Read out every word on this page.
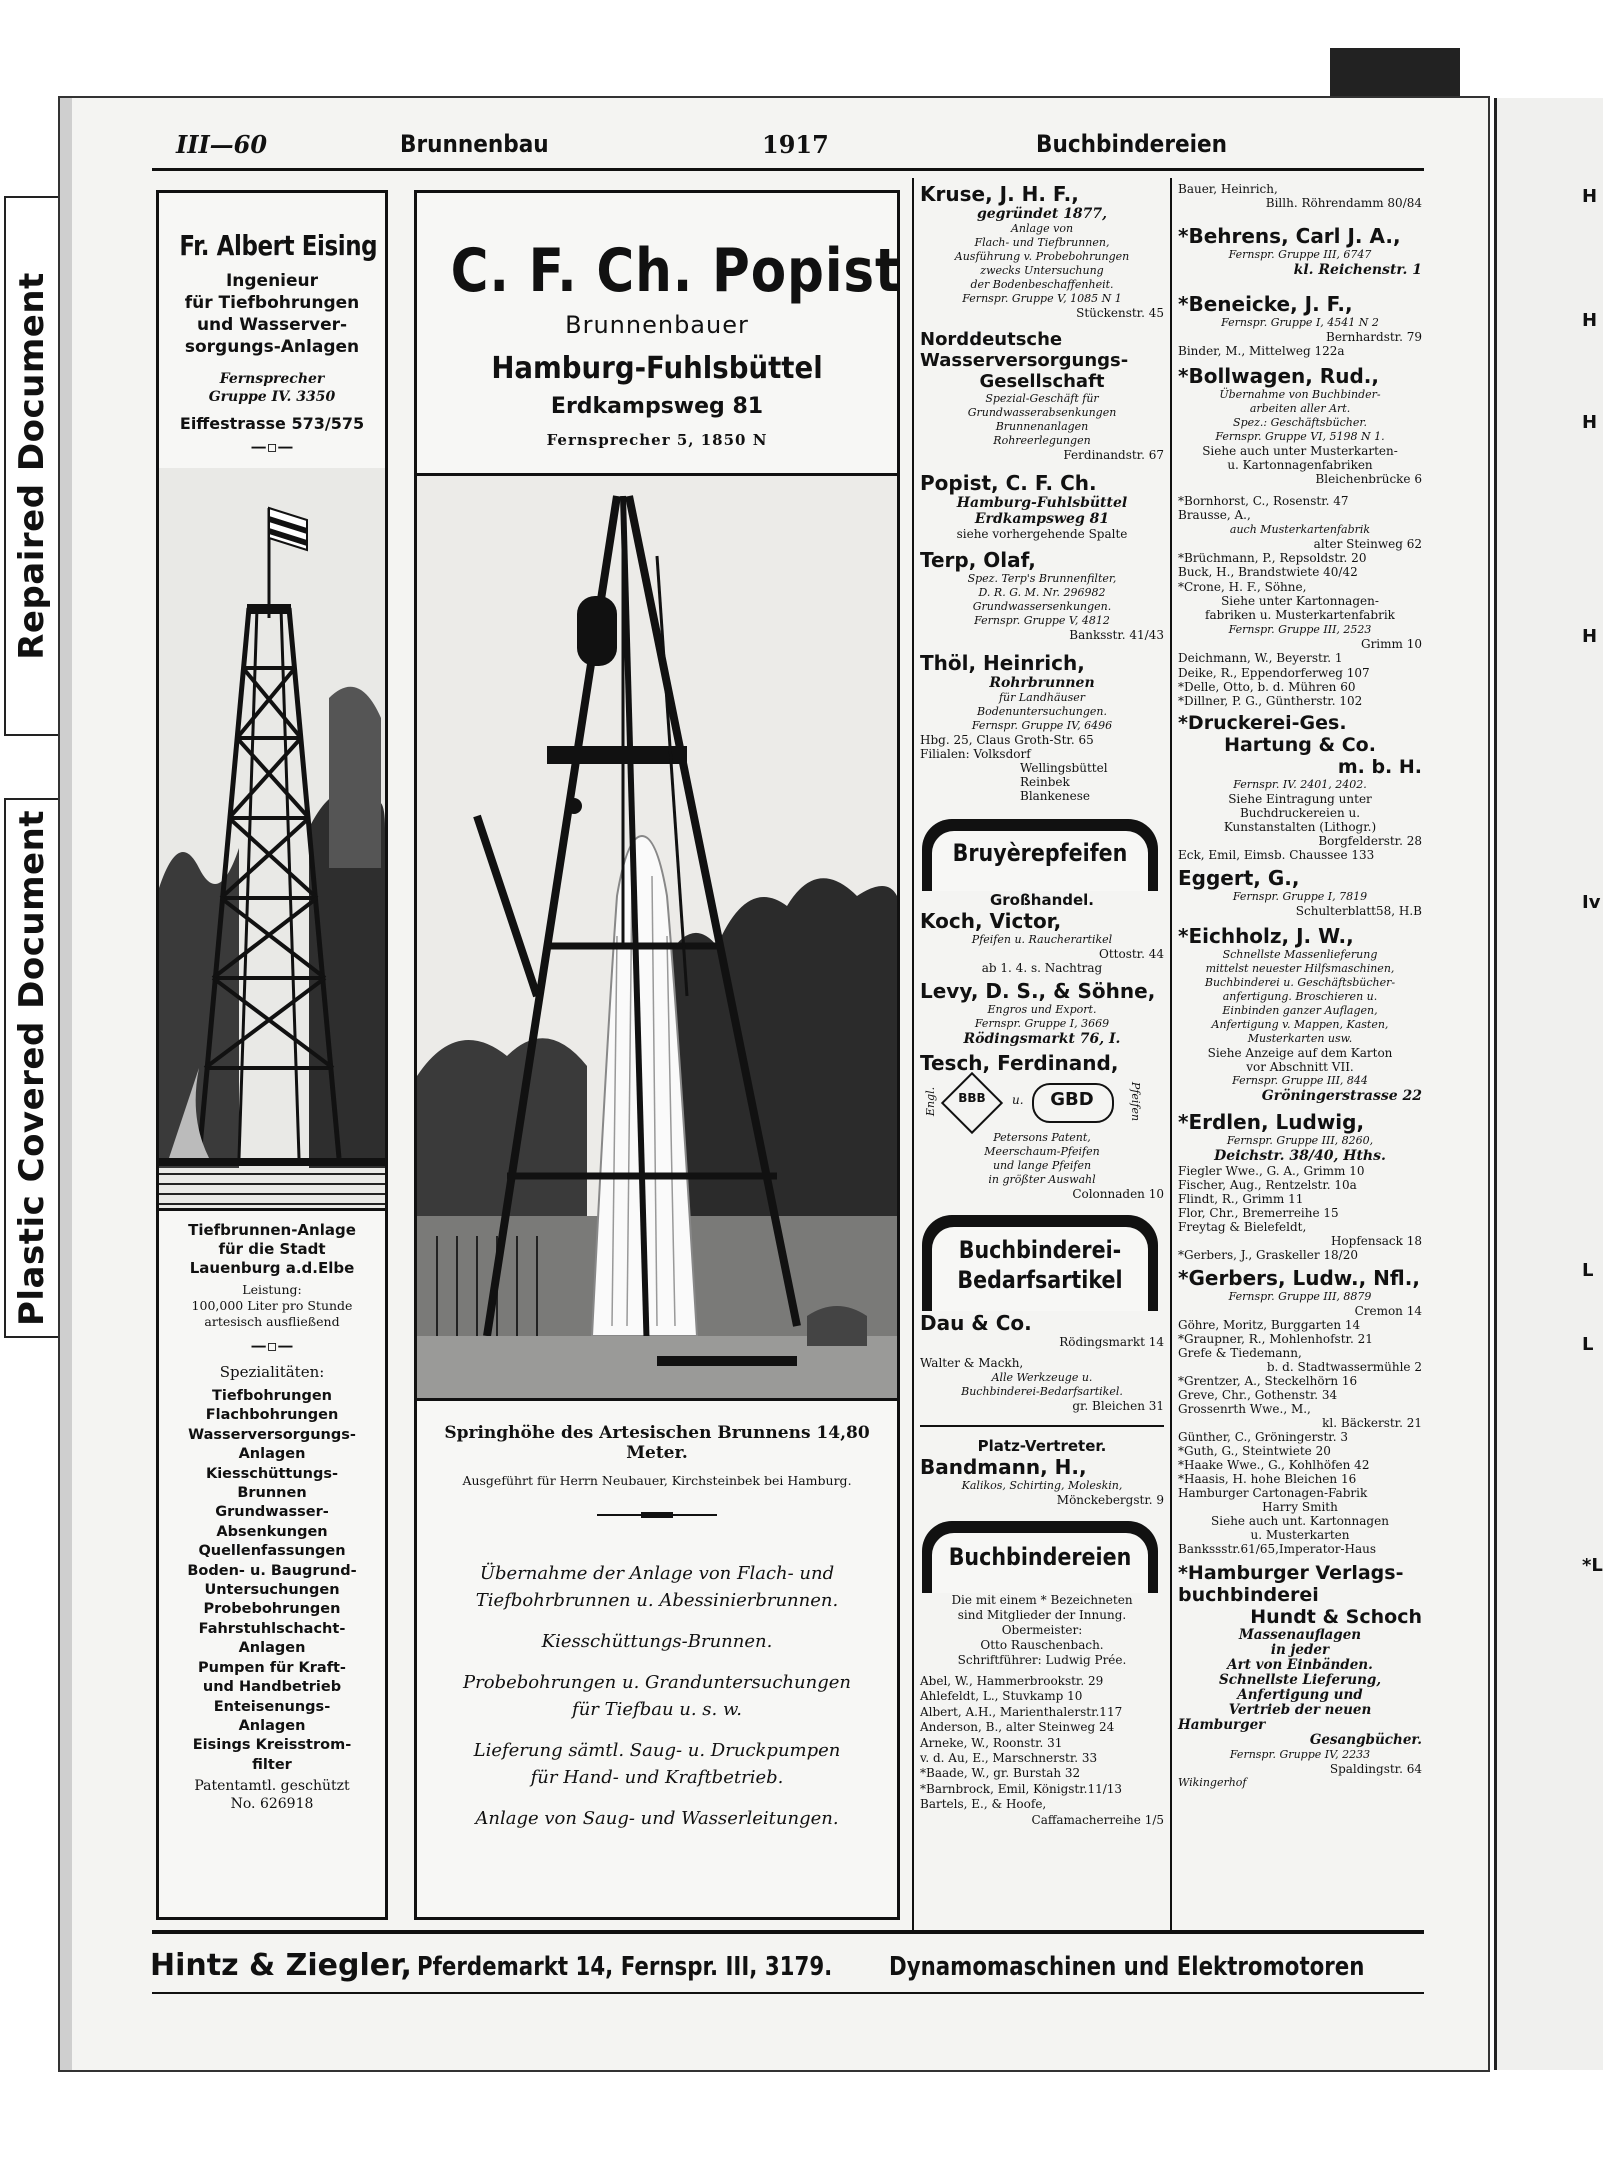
Repaired Document
Plastic Covered Document
H
H
H
H
Iv
L
L
*L
III—60	Brunnenbau	1917	Buchbindereien
Fr. Albert Eising
Ingenieur
für Tiefbohrungen
und Wasserver-
sorgungs-Anlagen
Fernsprecher
Gruppe IV. 3350
Eiffestrasse 573/575
—▫—
Tiefbrunnen-Anlage
für die Stadt
Lauenburg a.d.Elbe
Leistung:
100,000 Liter pro Stunde
artesisch ausfließend
—▫—
Spezialitäten:
Tiefbohrungen
Flachbohrungen
Wasserversorgungs-
Anlagen
Kiesschüttungs-
Brunnen
Grundwasser-
Absenkungen
Quellenfassungen
Boden- u. Baugrund-
Untersuchungen
Probebohrungen
Fahrstuhlschacht-
Anlagen
Pumpen für Kraft-
und Handbetrieb
Enteisenungs-
Anlagen
Eisings Kreisstrom-
filter
Patentamtl. geschützt
No. 626918
C. F. Ch. Popist
Brunnenbauer
Hamburg-Fuhlsbüttel
Erdkampsweg 81
Fernsprecher 5, 1850 N
Springhöhe des Artesischen Brunnens 14,80 Meter.
Ausgeführt für Herrn Neubauer, Kirchsteinbek bei Hamburg.
Übernahme der Anlage von Flach- und
Tiefbohrbrunnen u. Abessinierbrunnen.
Kiesschüttungs-Brunnen.
Probebohrungen u. Granduntersuchungen
für Tiefbau u. s. w.
Lieferung sämtl. Saug- u. Druckpumpen
für Hand- und Kraftbetrieb.
Anlage von Saug- und Wasserleitungen.
Kruse, J. H. F.,
gegründet 1877,
Anlage von
Flach- und Tiefbrunnen,
Ausführung v. Probebohrungen
zwecks Untersuchung
der Bodenbeschaffenheit.
Fernspr. Gruppe V, 1085 N 1
Stückenstr. 45
Norddeutsche
Wasserversorgungs-
Gesellschaft
Spezial-Geschäft für
Grundwasserabsenkungen
Brunnenanlagen
Rohreerlegungen
Ferdinandstr. 67
Popist, C. F. Ch.
Hamburg-Fuhlsbüttel
Erdkampsweg 81
siehe vorhergehende Spalte
Terp, Olaf,
Spez. Terp's Brunnenfilter,
D. R. G. M. Nr. 296982
Grundwassersenkungen.
Fernspr. Gruppe V, 4812
Banksstr. 41/43
Thöl, Heinrich,
Rohrbrunnen
für Landhäuser
Bodenuntersuchungen.
Fernspr. Gruppe IV, 6496
Hbg. 25, Claus Groth-Str. 65
Filialen: Volksdorf
Wellingsbüttel
Reinbek
Blankenese
Bruyèrepfeifen
Großhandel.
Koch, Victor,
Pfeifen u. Raucherartikel
Ottostr. 44
ab 1. 4. s. Nachtrag
Levy, D. S., & Söhne,
Engros und Export.
Fernspr. Gruppe I, 3669
Rödingsmarkt 76, I.
Tesch, Ferdinand,
Engl.	BBB	u.	GBD	Pfeifen
Petersons Patent,
Meerschaum-Pfeifen
und lange Pfeifen
in größter Auswahl
Colonnaden 10
Buchbinderei-
Bedarfsartikel
Dau & Co.
Rödingsmarkt 14
Walter & Mackh,
Alle Werkzeuge u.
Buchbinderei-Bedarfsartikel.
gr. Bleichen 31
Platz-Vertreter.
Bandmann, H.,
Kalikos, Schirting, Moleskin,
Mönckebergstr. 9
Buchbindereien
Die mit einem * Bezeichneten
sind Mitglieder der Innung.
Obermeister:
Otto Rauschenbach.
Schriftführer: Ludwig Prée.
Abel, W., Hammerbrookstr. 29
Ahlefeldt, L., Stuvkamp 10
Albert, A.H., Marienthalerstr.117
Anderson, B., alter Steinweg 24
Arneke, W., Roonstr. 31
v. d. Au, E., Marschnerstr. 33
*Baade, W., gr. Burstah 32
*Barnbrock, Emil, Königstr.11/13
Bartels, E., & Hoofe,
Caffamacherreihe 1/5
Bauer, Heinrich,
Billh. Röhrendamm 80/84
*Behrens, Carl J. A.,
Fernspr. Gruppe III, 6747
kl. Reichenstr. 1
*Beneicke, J. F.,
Fernspr. Gruppe I, 4541 N 2
Bernhardstr. 79
Binder, M., Mittelweg 122a
*Bollwagen, Rud.,
Übernahme von Buchbinder-
arbeiten aller Art.
Spez.: Geschäftsbücher.
Fernspr. Gruppe VI, 5198 N 1.
Siehe auch unter Musterkarten-
u. Kartonnagenfabriken
Bleichenbrücke 6
*Bornhorst, C., Rosenstr. 47
Brausse, A.,
auch Musterkartenfabrik
alter Steinweg 62
*Brüchmann, P., Repsoldstr. 20
Buck, H., Brandstwiete 40/42
*Crone, H. F., Söhne,
Siehe unter Kartonnagen-
fabriken u. Musterkartenfabrik
Fernspr. Gruppe III, 2523
Grimm 10
Deichmann, W., Beyerstr. 1
Deike, R., Eppendorferweg 107
*Delle, Otto, b. d. Mühren 60
*Dillner, P. G., Güntherstr. 102
*Druckerei-Ges.
Hartung & Co.
m. b. H.
Fernspr. IV. 2401, 2402.
Siehe Eintragung unter
Buchdruckereien u.
Kunstanstalten (Lithogr.)
Borgfelderstr. 28
Eck, Emil, Eimsb. Chaussee 133
Eggert, G.,
Fernspr. Gruppe I, 7819
Schulterblatt58, H.B
*Eichholz, J. W.,
Schnellste Massenlieferung
mittelst neuester Hilfsmaschinen,
Buchbinderei u. Geschäftsbücher-
anfertigung. Broschieren u.
Einbinden ganzer Auflagen,
Anfertigung v. Mappen, Kasten,
Musterkarten usw.
Siehe Anzeige auf dem Karton
vor Abschnitt VII.
Fernspr. Gruppe III, 844
Gröningerstrasse 22
*Erdlen, Ludwig,
Fernspr. Gruppe III, 8260,
Deichstr. 38/40, Hths.
Fiegler Wwe., G. A., Grimm 10
Fischer, Aug., Rentzelstr. 10a
Flindt, R., Grimm 11
Flor, Chr., Bremerreihe 15
Freytag & Bielefeldt,
Hopfensack 18
*Gerbers, J., Graskeller 18/20
*Gerbers, Ludw., Nfl.,
Fernspr. Gruppe III, 8879
Cremon 14
Göhre, Moritz, Burggarten 14
*Graupner, R., Mohlenhofstr. 21
Grefe & Tiedemann,
b. d. Stadtwassermühle 2
*Grentzer, A., Steckelhörn 16
Greve, Chr., Gothenstr. 34
Grossenrth Wwe., M.,
kl. Bäckerstr. 21
Günther, C., Gröningerstr. 3
*Guth, G., Steintwiete 20
*Haake Wwe., G., Kohlhöfen 42
*Haasis, H. hohe Bleichen 16
Hamburger Cartonagen-Fabrik
Harry Smith
Siehe auch unt. Kartonnagen
u. Musterkarten
Bankssstr.61/65,Imperator-Haus
*Hamburger Verlags-
buchbinderei
Hundt & Schoch
Massenauflagen
in jeder
Art von Einbänden.
Schnellste Lieferung,
Anfertigung und
Vertrieb der neuen
Hamburger
Gesangbücher.
Fernspr. Gruppe IV, 2233
Spaldingstr. 64
Wikingerhof
Hintz & Ziegler, Pferdemarkt 14, Fernspr. III, 3179. Dynamomaschinen und Elektromotoren
